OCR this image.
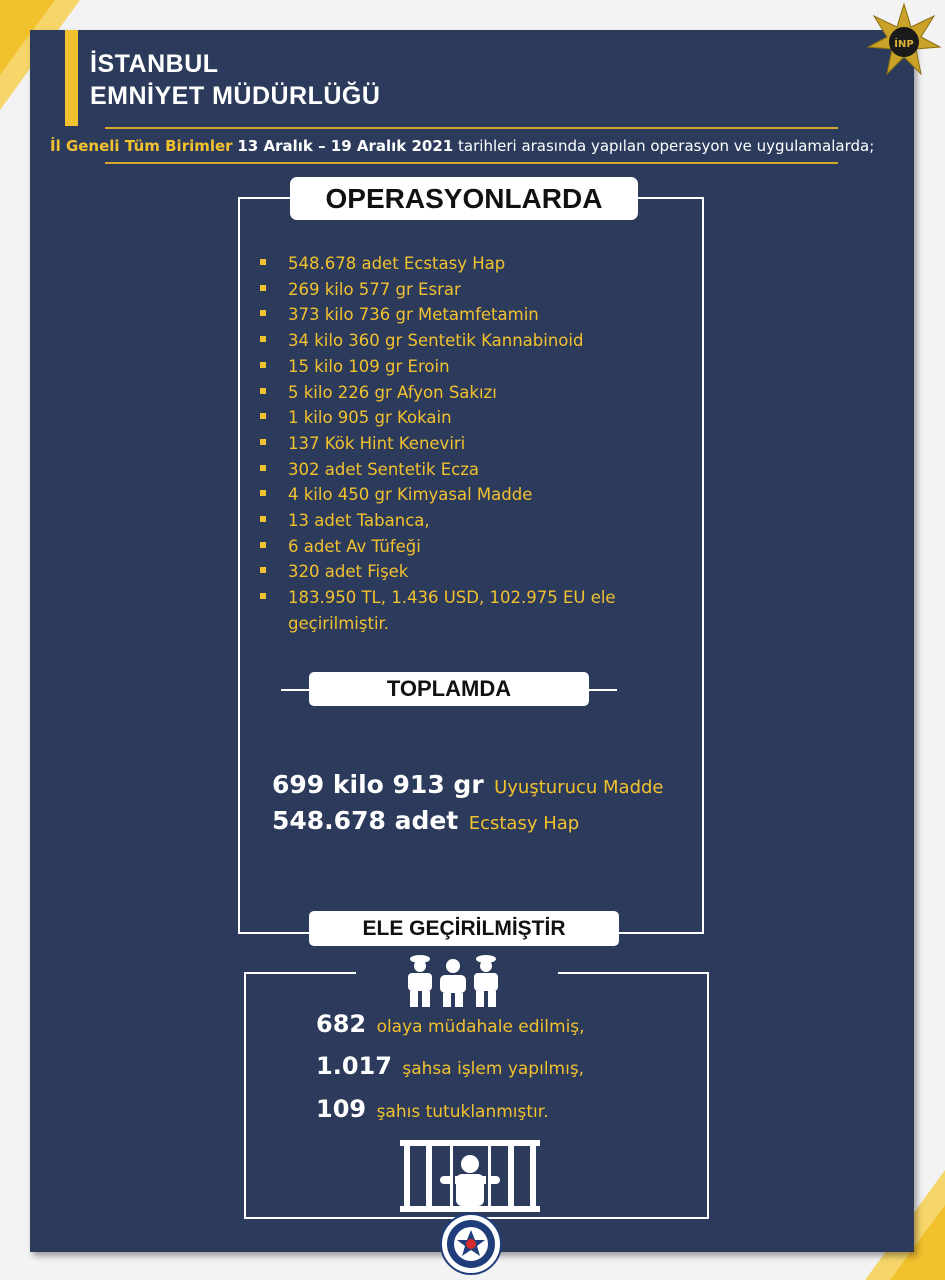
İSTANBUL
EMNİYET MÜDÜRLÜĞÜ
İNP
İl Geneli Tüm Birimler 13 Aralık – 19 Aralık 2021 tarihleri arasında yapılan operasyon ve uygulamalarda;
OPERASYONLARDA
548.678 adet Ecstasy Hap
269 kilo 577 gr Esrar
373 kilo 736 gr Metamfetamin
34 kilo 360 gr Sentetik Kannabinoid
15 kilo 109 gr Eroin
5 kilo 226 gr Afyon Sakızı
1 kilo 905 gr Kokain
137 Kök Hint Keneviri
302 adet Sentetik Ecza
4 kilo 450 gr Kimyasal Madde
13 adet Tabanca,
6 adet Av Tüfeği
320 adet Fişek
183.950 TL, 1.436 USD, 102.975 EU ele geçirilmiştir.
TOPLAMDA
699 kilo 913 gr Uyuşturucu Madde
548.678 adet Ecstasy Hap
ELE GEÇİRİLMİŞTİR
682 olaya müdahale edilmiş,
1.017 şahsa işlem yapılmış,
109 şahıs tutuklanmıştır.
